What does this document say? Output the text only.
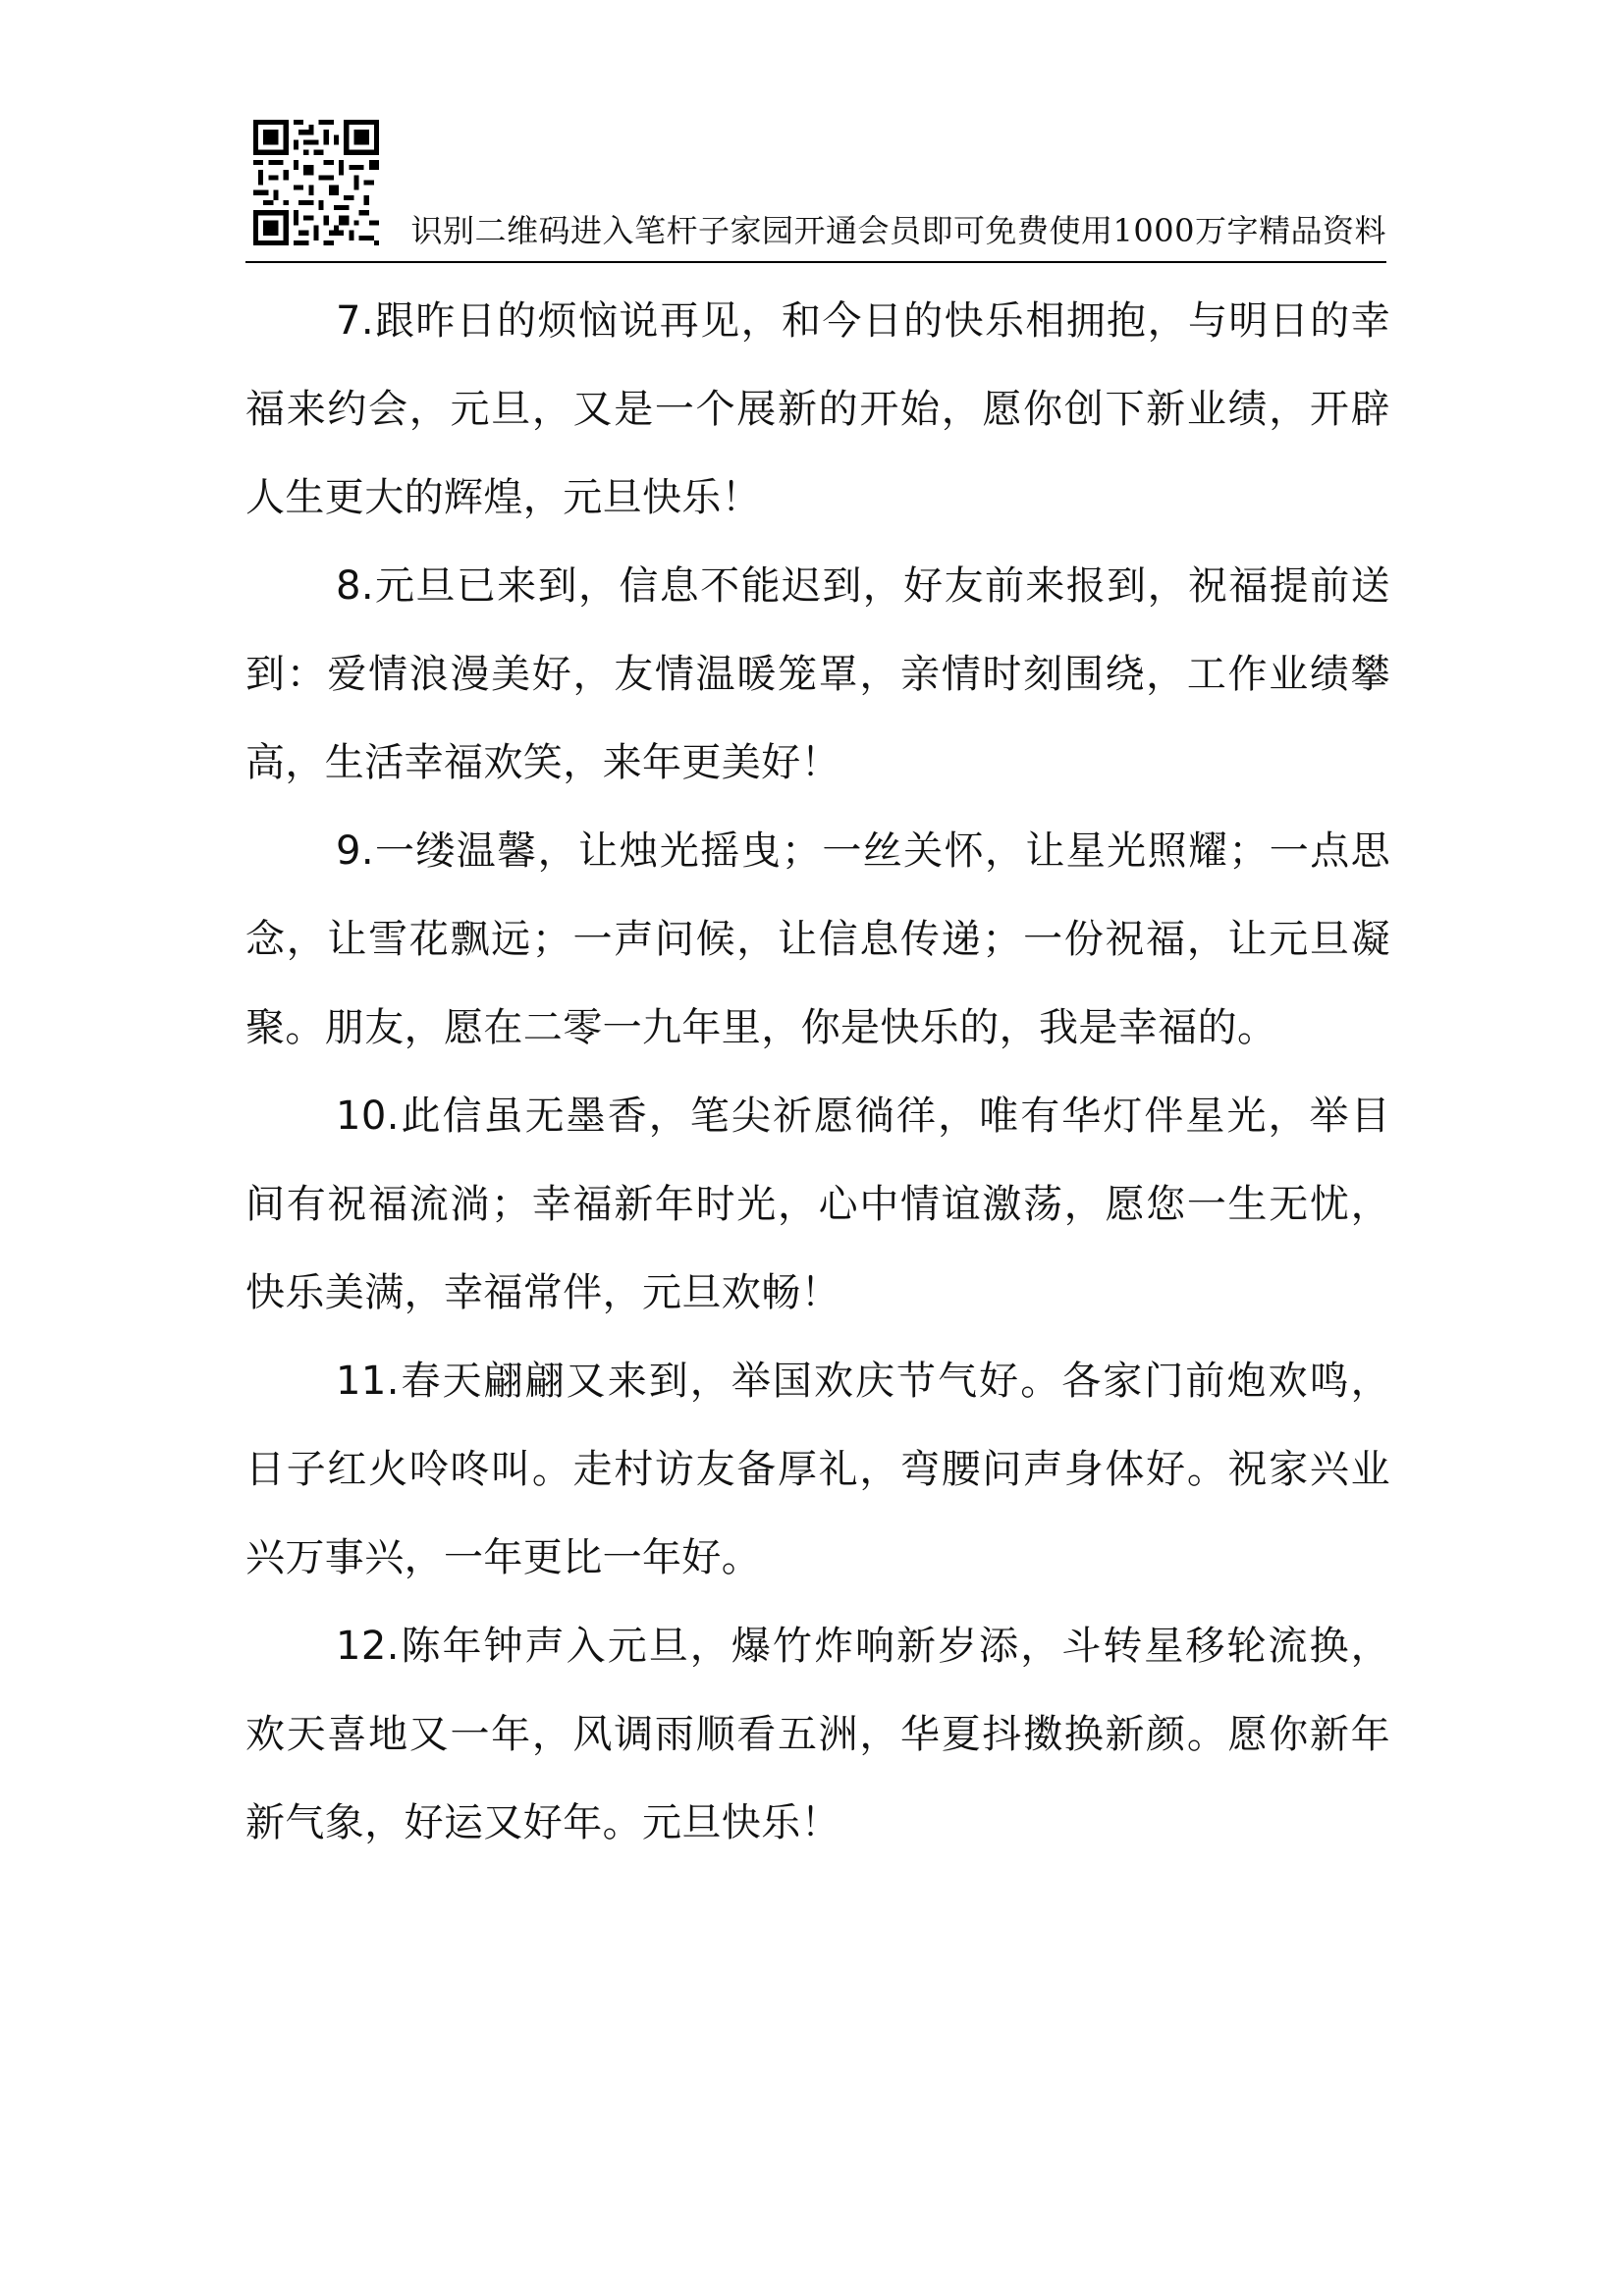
识别二维码进入笔杆子家园开通会员即可免费使用1000万字精品资料

7.跟昨日的烦恼说再见，和今日的快乐相拥抱，与明日的幸福来约会，元旦，又是一个展新的开始，愿你创下新业绩，开辟人生更大的辉煌，元旦快乐！

8.元旦已来到，信息不能迟到，好友前来报到，祝福提前送到：爱情浪漫美好，友情温暖笼罩，亲情时刻围绕，工作业绩攀高，生活幸福欢笑，来年更美好！

9.一缕温馨，让烛光摇曳；一丝关怀，让星光照耀；一点思念，让雪花飘远；一声问候，让信息传递；一份祝福，让元旦凝聚。朋友，愿在二零一九年里，你是快乐的，我是幸福的。

10.此信虽无墨香，笔尖祈愿徜徉，唯有华灯伴星光，举目间有祝福流淌；幸福新年时光，心中情谊激荡，愿您一生无忧，快乐美满，幸福常伴，元旦欢畅！

11.春天翩翩又来到，举国欢庆节气好。各家门前炮欢鸣，日子红火呤咚叫。走村访友备厚礼，弯腰问声身体好。祝家兴业兴万事兴，一年更比一年好。

12.陈年钟声入元旦，爆竹炸响新岁添，斗转星移轮流换，欢天喜地又一年，风调雨顺看五洲，华夏抖擞换新颜。愿你新年新气象，好运又好年。元旦快乐！
